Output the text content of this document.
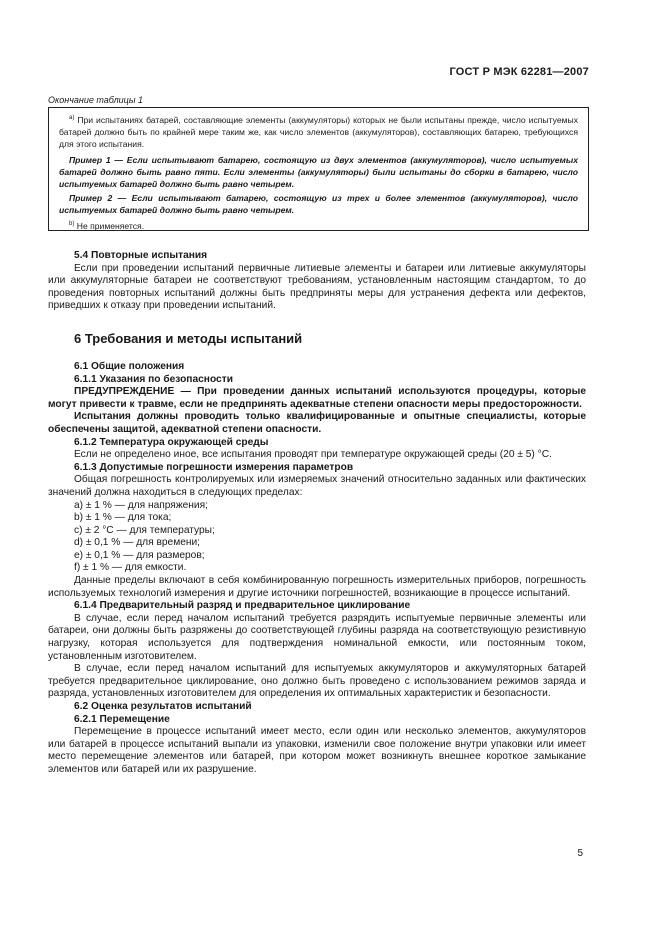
ГОСТ Р МЭК 62281—2007
Окончание таблицы 1

$^{а)}$ При испытаниях батарей, составляющие элементы (аккумуляторы) которых не были испытаны прежде, число испытуемых батарей должно быть по крайней мере таким же, как число элементов (аккумуляторов), составляющих батарею, требующихся для этого испытания.

Пример 1 — Если испытывают батарею, состоящую из двух элементов (аккумуляторов), число испытуемых батарей должно быть равно пяти. Если элементы (аккумуляторы) были испытаны до сборки в батарею, число испытуемых батарей должно быть равно четырем.

Пример 2 — Если испытывают батарею, состоящую из трех и более элементов (аккумуляторов), число испытуемых батарей должно быть равно четырем.

$^{b)}$ Не применяется.

5.4 Повторные испытания

Если при проведении испытаний первичные литиевые элементы и батареи или литиевые аккумуляторы или аккумуляторные батареи не соответствуют требованиям, установленным настоящим стандартом, то до проведения повторных испытаний должны быть предприняты меры для устранения дефекта или дефектов, приведших к отказу при проведении испытаний.

6 Требования и методы испытаний

6.1 Общие положения

6.1.1 Указания по безопасности

ПРЕДУПРЕЖДЕНИЕ — При проведении данных испытаний используются процедуры, которые могут привести к травме, если не предпринять адекватные степени опасности меры предосторожности.

Испытания должны проводить только квалифицированные и опытные специалисты, которые обеспечены защитой, адекватной степени опасности.

6.1.2 Температура окружающей среды

Если не определено иное, все испытания проводят при температуре окружающей среды (20 ± 5) °С.

6.1.3 Допустимые погрешности измерения параметров

Общая погрешность контролируемых или измеряемых значений относительно заданных или фактических значений должна находиться в следующих пределах:

a) ± 1 % — для напряжения;
b) ± 1 % — для тока;
c) ± 2 °С — для температуры;
d) ± 0,1 % — для времени;
e) ± 0,1 % — для размеров;
f) ± 1 % — для емкости.

Данные пределы включают в себя комбинированную погрешность измерительных приборов, погрешность используемых технологий измерения и другие источники погрешностей, возникающие в процессе испытаний.

6.1.4 Предварительный разряд и предварительное циклирование

В случае, если перед началом испытаний требуется разрядить испытуемые первичные элементы или батареи, они должны быть разряжены до соответствующей глубины разряда на соответствующую резистивную нагрузку, которая используется для подтверждения номинальной емкости, или постоянным током, установленным изготовителем.

В случае, если перед началом испытаний для испытуемых аккумуляторов и аккумуляторных батарей требуется предварительное циклирование, оно должно быть проведено с использованием режимов заряда и разряда, установленных изготовителем для определения их оптимальных характеристик и безопасности.

6.2 Оценка результатов испытаний

6.2.1 Перемещение

Перемещение в процессе испытаний имеет место, если один или несколько элементов, аккумуляторов или батарей в процессе испытаний выпали из упаковки, изменили свое положение внутри упаковки или имеет место перемещение элементов или батарей, при котором может возникнуть внешнее короткое замыкание элементов или батарей или их разрушение.

5
